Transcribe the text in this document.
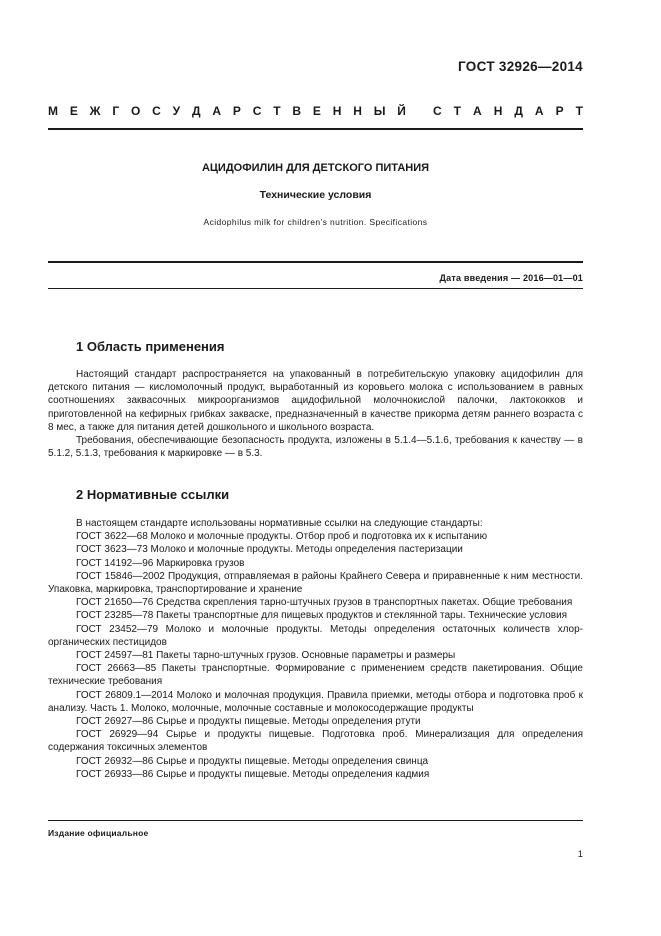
ГОСТ 32926—2014
М Е Ж Г О С У Д А Р С Т В Е Н Н Ы Й С Т А Н Д А Р Т
АЦИДОФИЛИН ДЛЯ ДЕТСКОГО ПИТАНИЯ
Технические условия
Acidophilus milk for children’s nutrition. Specifications
Дата введения — 2016—01—01
1 Область применения

Настоящий стандарт распространяется на упакованный в потребительскую упаковку ацидофилин для детского питания — кисломолочный продукт, выработанный из коровьего молока с использованием в равных соотношениях заквасочных микроорганизмов ацидофильной молочнокислой палочки, лактококков и приготовленной на кефирных грибках закваске, предназначенный в качестве прикорма детям раннего возраста с 8 мес, а также для питания детей дошкольного и школьного возраста.

Требования, обеспечивающие безопасность продукта, изложены в 5.1.4—5.1.6, требования к качеству — в 5.1.2, 5.1.3, требования к маркировке — в 5.3.

2 Нормативные ссылки

В настоящем стандарте использованы нормативные ссылки на следующие стандарты:

ГОСТ 3622—68 Молоко и молочные продукты. Отбор проб и подготовка их к испытанию

ГОСТ 3623—73 Молоко и молочные продукты. Методы определения пастеризации

ГОСТ 14192—96 Маркировка грузов

ГОСТ 15846—2002 Продукция, отправляемая в районы Крайнего Севера и приравненные к ним местности. Упаковка, маркировка, транспортирование и хранение

ГОСТ 21650—76 Средства скрепления тарно-штучных грузов в транспортных пакетах. Общие требования

ГОСТ 23285—78 Пакеты транспортные для пищевых продуктов и стеклянной тары. Технические условия

ГОСТ 23452—79 Молоко и молочные продукты. Методы определения остаточных количеств хлорорганических пестицидов

ГОСТ 24597—81 Пакеты тарно-штучных грузов. Основные параметры и размеры

ГОСТ 26663—85 Пакеты транспортные. Формирование с применением средств пакетирования. Общие технические требования

ГОСТ 26809.1—2014 Молоко и молочная продукция. Правила приемки, методы отбора и подготовка проб к анализу. Часть 1. Молоко, молочные, молочные составные и молокосодержащие продукты

ГОСТ 26927—86 Сырье и продукты пищевые. Методы определения ртути

ГОСТ 26929—94 Сырье и продукты пищевые. Подготовка проб. Минерализация для определения содержания токсичных элементов

ГОСТ 26932—86 Сырье и продукты пищевые. Методы определения свинца

ГОСТ 26933—86 Сырье и продукты пищевые. Методы определения кадмия

Издание официальное
1
